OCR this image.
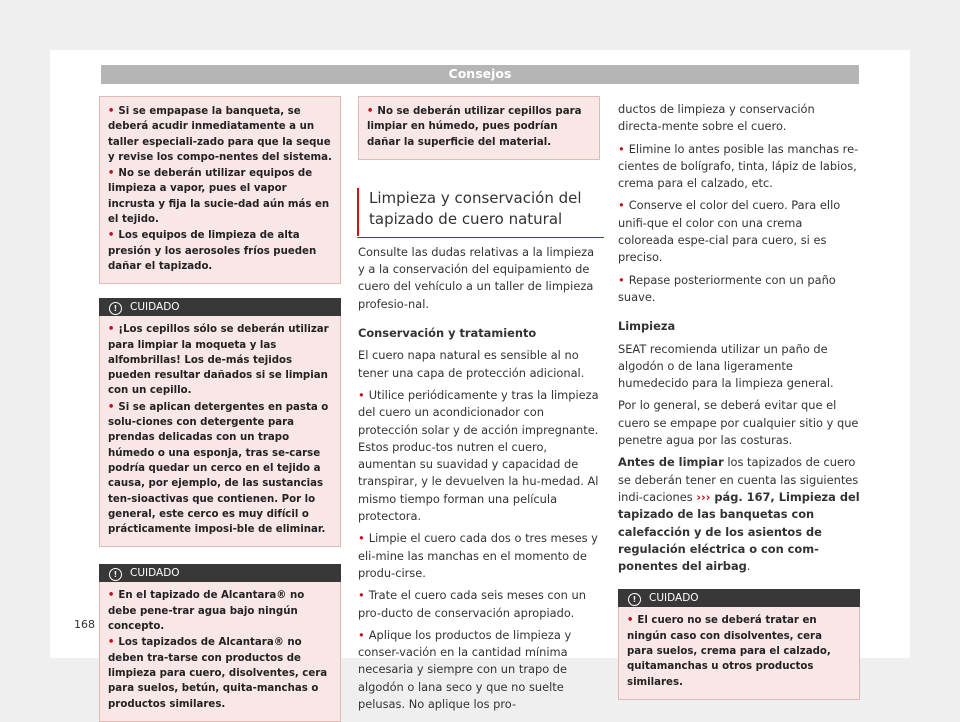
Consejos

• Si se empapase la banqueta, se deberá acudir inmediatamente a un taller especiali-zado para que la seque y revise los compo-nentes del sistema.

• No se deberán utilizar equipos de limpieza a vapor, pues el vapor incrusta y fija la sucie-dad aún más en el tejido.

• Los equipos de limpieza de alta presión y los aerosoles fríos pueden dañar el tapizado.

! CUIDADO

• ¡Los cepillos sólo se deberán utilizar para limpiar la moqueta y las alfombrillas! Los de-más tejidos pueden resultar dañados si se limpian con un cepillo.

• Si se aplican detergentes en pasta o solu-ciones con detergente para prendas delicadas con un trapo húmedo o una esponja, tras se-carse podría quedar un cerco en el tejido a causa, por ejemplo, de las sustancias ten-sioactivas que contienen. Por lo general, este cerco es muy difícil o prácticamente imposi-ble de eliminar.

! CUIDADO

• En el tapizado de Alcantara® no debe pene-trar agua bajo ningún concepto.

• Los tapizados de Alcantara® no deben tra-tarse con productos de limpieza para cuero, disolventes, cera para suelos, betún, quita-manchas o productos similares.

• No se deberán utilizar cepillos para limpiar en húmedo, pues podrían dañar la superficie del material.

Limpieza y conservación del tapizado de cuero natural

Consulte las dudas relativas a la limpieza y a la conservación del equipamiento de cuero del vehículo a un taller de limpieza profesio-nal.

Conservación y tratamiento

El cuero napa natural es sensible al no tener una capa de protección adicional.

• Utilice periódicamente y tras la limpieza del cuero un acondicionador con protección solar y de acción impregnante. Estos produc-tos nutren el cuero, aumentan su suavidad y capacidad de transpirar, y le devuelven la hu-medad. Al mismo tiempo forman una película protectora.

• Limpie el cuero cada dos o tres meses y eli-mine las manchas en el momento de produ-cirse.

• Trate el cuero cada seis meses con un pro-ducto de conservación apropiado.

• Aplique los productos de limpieza y conser-vación en la cantidad mínima necesaria y siempre con un trapo de algodón o lana seco y que no suelte pelusas. No aplique los pro-

ductos de limpieza y conservación directa-mente sobre el cuero.

• Elimine lo antes posible las manchas re-cientes de bolígrafo, tinta, lápiz de labios, crema para el calzado, etc.

• Conserve el color del cuero. Para ello unifi-que el color con una crema coloreada espe-cial para cuero, si es preciso.

• Repase posteriormente con un paño suave.

Limpieza

SEAT recomienda utilizar un paño de algodón o de lana ligeramente humedecido para la limpieza general.

Por lo general, se deberá evitar que el cuero se empape por cualquier sitio y que penetre agua por las costuras.

Antes de limpiar los tapizados de cuero se deberán tener en cuenta las siguientes indi-caciones ››› pág. 167, Limpieza del tapizado de las banquetas con calefacción y de los asientos de regulación eléctrica o con com-ponentes del airbag.

! CUIDADO

• El cuero no se deberá tratar en ningún caso con disolventes, cera para suelos, crema para el calzado, quitamanchas u otros productos similares.

168
